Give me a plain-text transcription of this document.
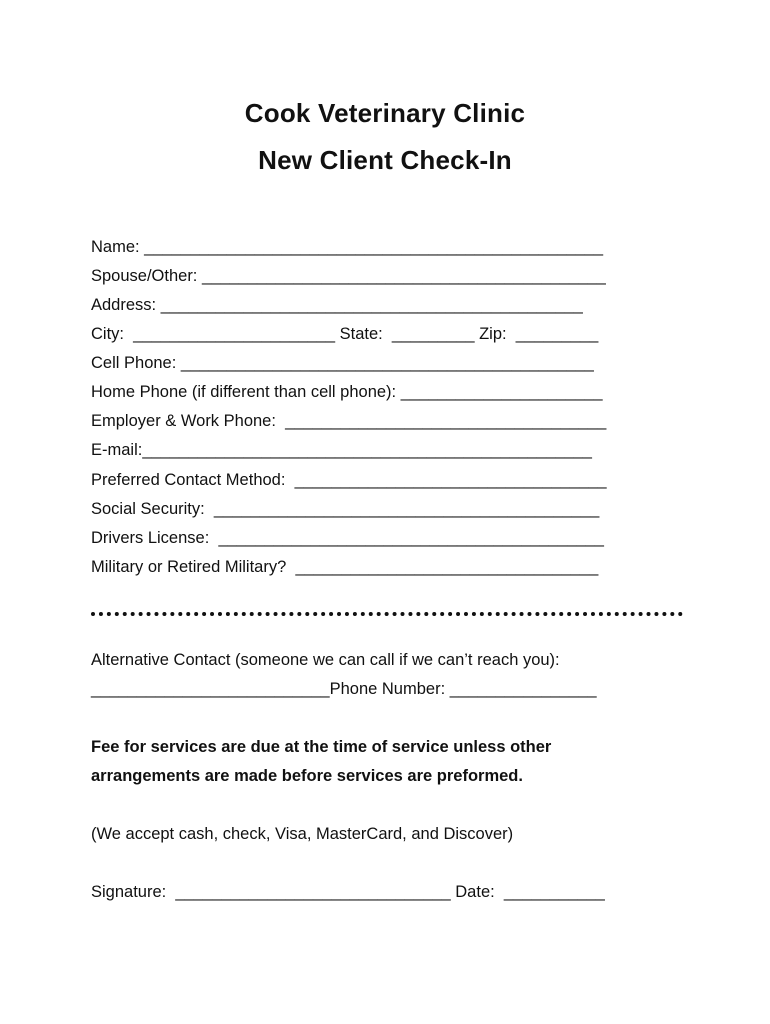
Cook Veterinary Clinic
New Client Check-In
Name: __________________________________________________
Spouse/Other: ____________________________________________
Address: ______________________________________________
City:  ______________________ State:  _________ Zip:  _________
Cell Phone: _____________________________________________
Home Phone (if different than cell phone): ______________________
Employer & Work Phone:  ___________________________________
E-mail:_________________________________________________
Preferred Contact Method:  __________________________________
Social Security:  __________________________________________
Drivers License:  __________________________________________
Military or Retired Military?  _________________________________
Alternative Contact (someone we can call if we can’t reach you):
__________________________Phone Number: ________________
Fee for services are due at the time of service unless other
arrangements are made before services are preformed.
(We accept cash, check, Visa, MasterCard, and Discover)
Signature:  ______________________________ Date:  ___________
